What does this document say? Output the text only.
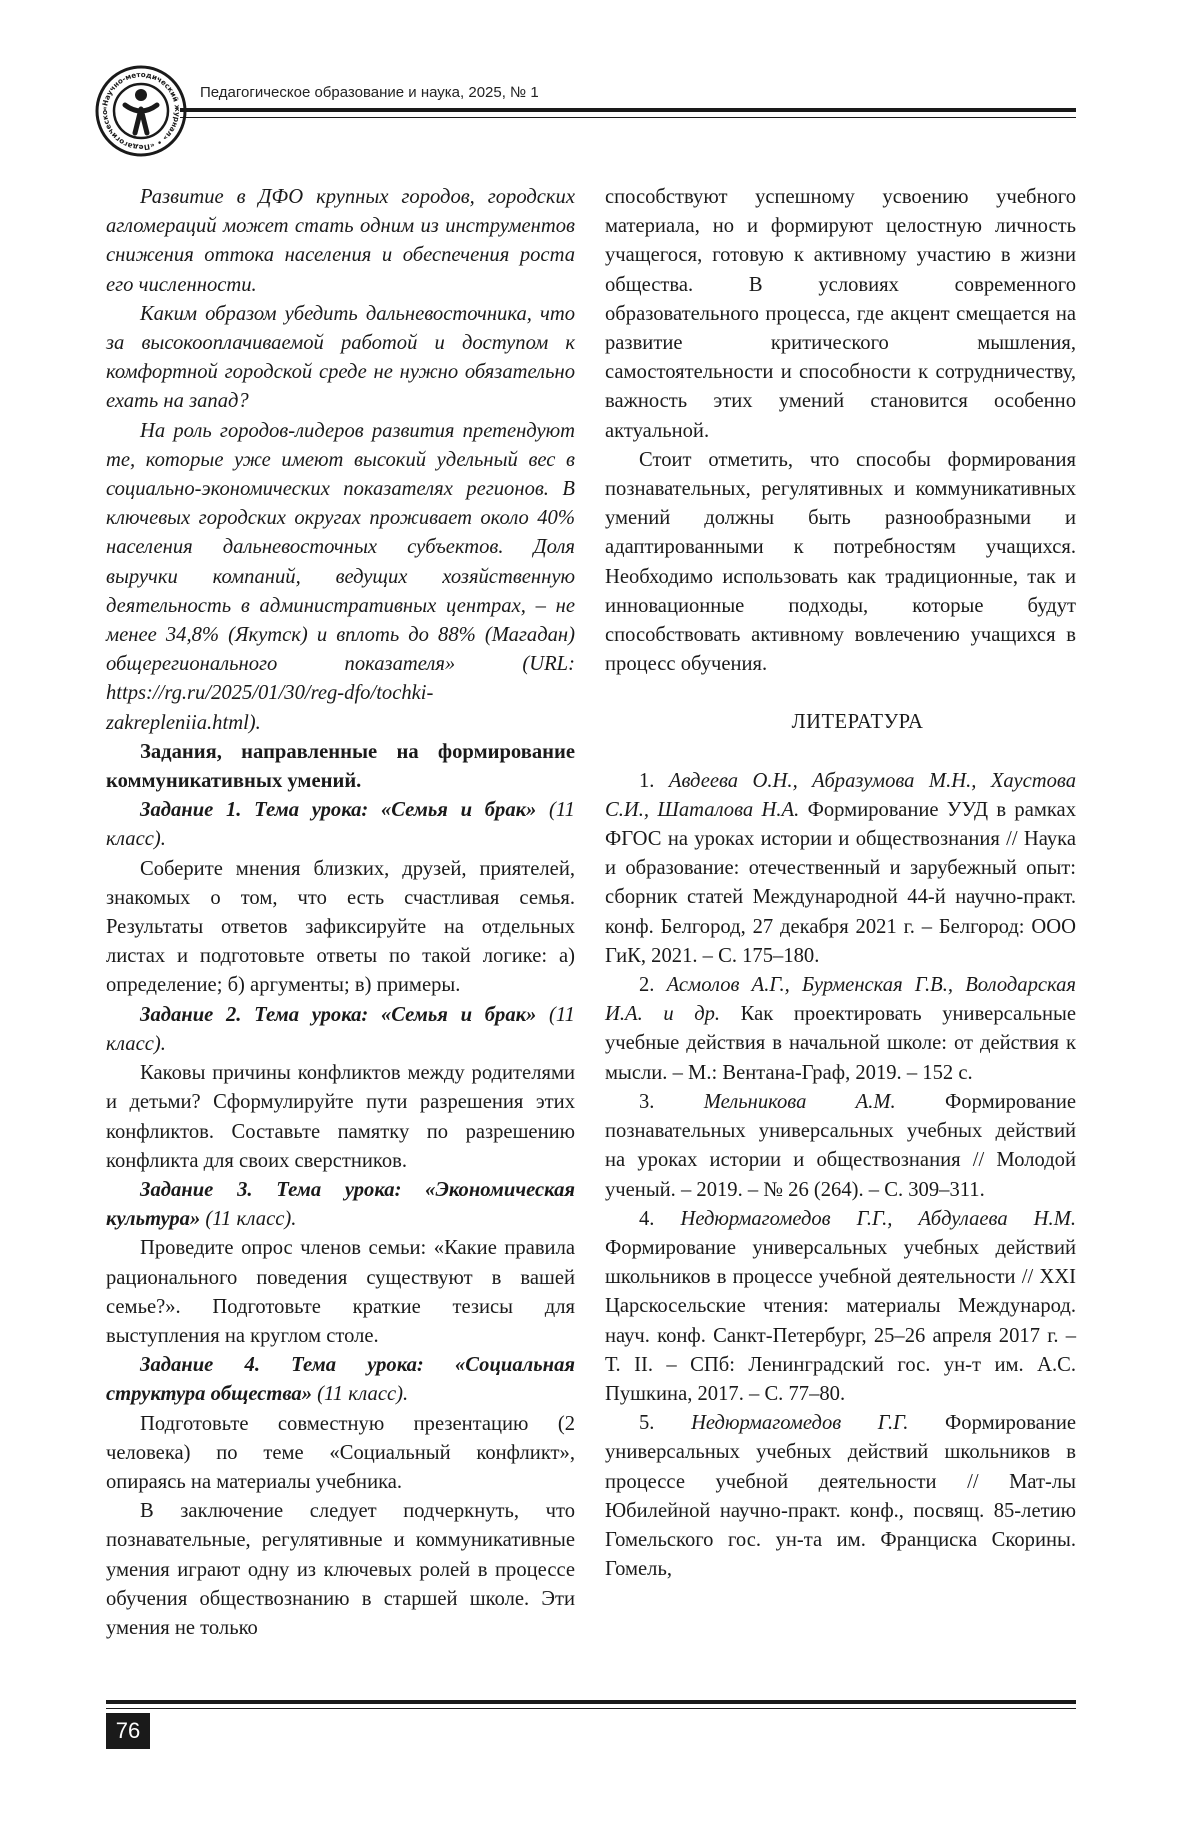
«Научно-методический журнал» • «Педагогическо
Педагогическое образование и наука, 2025, № 1

Развитие в ДФО крупных городов, городских агломераций может стать одним из инструментов снижения оттока населения и обеспечения роста его численности.

Каким образом убедить дальневосточника, что за высокооплачиваемой работой и доступом к комфортной городской среде не нужно обязательно ехать на запад?

На роль городов-лидеров развития претендуют те, которые уже имеют высокий удельный вес в социально-экономических показателях регионов. В ключевых городских округах проживает около 40% населения дальневосточных субъектов. Доля выручки компаний, ведущих хозяйственную деятельность в административных центрах, – не менее 34,8% (Якутск) и вплоть до 88% (Магадан) общерегионального показателя» (URL: https://rg.ru/2025/01/30/reg-dfo/tochki-zakrepleniia.html).

Задания, направленные на формирование коммуникативных умений.

Задание 1. Тема урока: «Семья и брак» (11 класс).

Соберите мнения близких, друзей, приятелей, знакомых о том, что есть счастливая семья. Результаты ответов зафиксируйте на отдельных листах и подготовьте ответы по такой логике: а) определение; б) аргументы; в) примеры.

Задание 2. Тема урока: «Семья и брак» (11 класс).

Каковы причины конфликтов между родителями и детьми? Сформулируйте пути разрешения этих конфликтов. Составьте памятку по разрешению конфликта для своих сверстников.

Задание 3. Тема урока: «Экономическая культура» (11 класс).

Проведите опрос членов семьи: «Какие правила рационального поведения существуют в вашей семье?». Подготовьте краткие тезисы для выступления на круглом столе.

Задание 4. Тема урока: «Социальная структура общества» (11 класс).

Подготовьте совместную презентацию (2 человека) по теме «Социальный конфликт», опираясь на материалы учебника.

В заключение следует подчеркнуть, что познавательные, регулятивные и коммуникативные умения играют одну из ключевых ролей в процессе обучения обществознанию в старшей школе. Эти умения не только

способствуют успешному усвоению учебного материала, но и формируют целостную личность учащегося, готовую к активному участию в жизни общества. В условиях современного образовательного процесса, где акцент смещается на развитие критического мышления, самостоятельности и способности к сотрудничеству, важность этих умений становится особенно актуальной.

Стоит отметить, что способы формирования познавательных, регулятивных и коммуникативных умений должны быть разнообразными и адаптированными к потребностям учащихся. Необходимо использовать как традиционные, так и инновационные подходы, которые будут способствовать активному вовлечению учащихся в процесс обучения.

ЛИТЕРАТУРА

1. Авдеева О.Н., Абразумова М.Н., Хаустова С.И., Шаталова Н.А. Формирование УУД в рамках ФГОС на уроках истории и обществознания // Наука и образование: отечественный и зарубежный опыт: сборник статей Международной 44-й научно-практ. конф. Белгород, 27 декабря 2021 г. – Белгород: ООО ГиК, 2021. – С. 175–180.

2. Асмолов А.Г., Бурменская Г.В., Володарская И.А. и др. Как проектировать универсальные учебные действия в начальной школе: от действия к мысли. – М.: Вентана-Граф, 2019. – 152 с.

3. Мельникова А.М. Формирование познавательных универсальных учебных действий на уроках истории и обществознания // Молодой ученый. – 2019. – № 26 (264). – С. 309–311.

4. Недюрмагомедов Г.Г., Абдулаева Н.М. Формирование универсальных учебных действий школьников в процессе учебной деятельности // XXI Царскосельские чтения: материалы Международ. науч. конф. Санкт-Петербург, 25–26 апреля 2017 г. – Т. II. – СПб: Ленинградский гос. ун-т им. А.С. Пушкина, 2017. – С. 77–80.

5. Недюрмагомедов Г.Г. Формирование универсальных учебных действий школьников в процессе учебной деятельности // Мат-лы Юбилейной научно-практ. конф., посвящ. 85-летию Гомельского гос. ун-та им. Франциска Скорины. Гомель,

76
